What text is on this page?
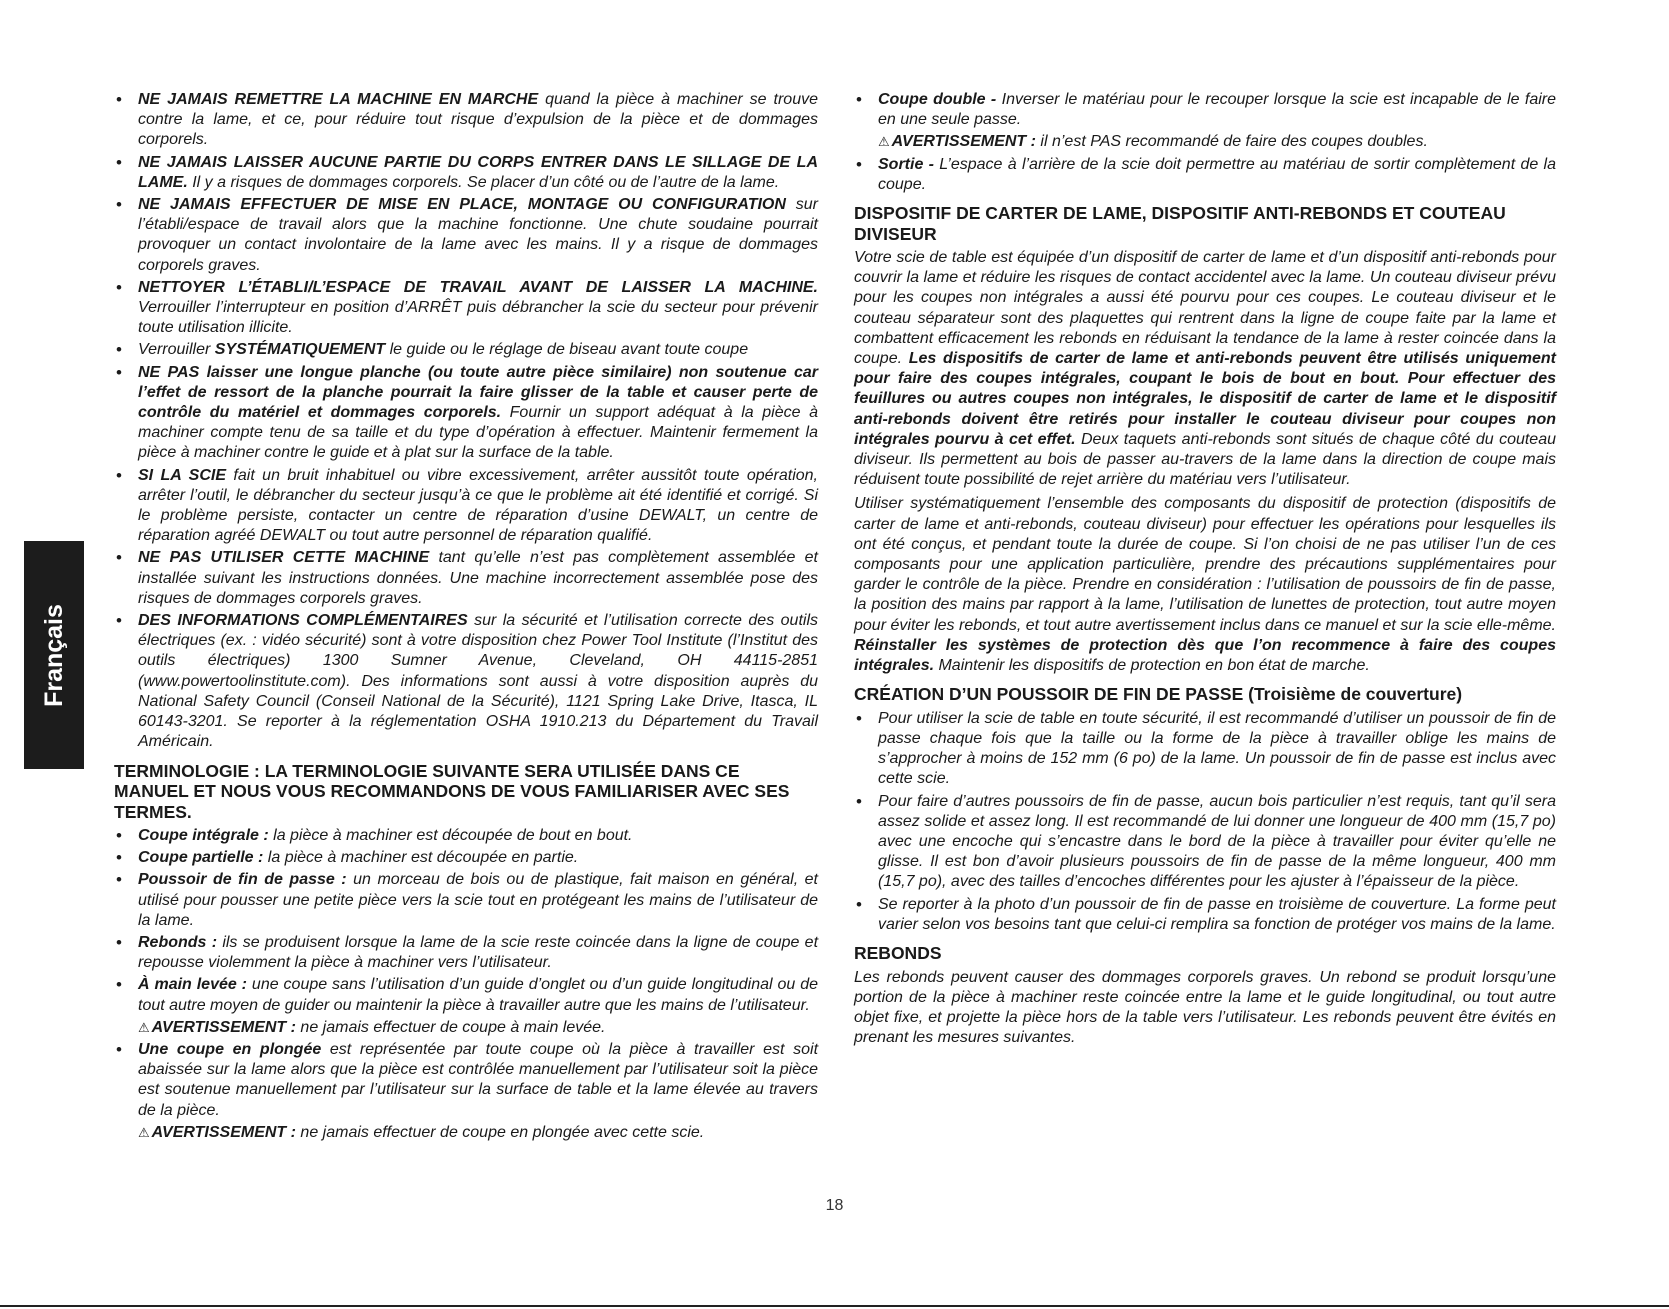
Français
• NE JAMAIS REMETTRE LA MACHINE EN MARCHE quand la pièce à machiner se trouve contre la lame, et ce, pour réduire tout risque d’expulsion de la pièce et de dommages corporels.
• NE JAMAIS LAISSER AUCUNE PARTIE DU CORPS ENTRER DANS LE SILLAGE DE LA LAME. Il y a risques de dommages corporels. Se placer d’un côté ou de l’autre de la lame.
• NE JAMAIS EFFECTUER DE MISE EN PLACE, MONTAGE OU CONFIGURATION sur l’établi/espace de travail alors que la machine fonctionne. Une chute soudaine pourrait provoquer un contact involontaire de la lame avec les mains. Il y a risque de dommages corporels graves.
• NETTOYER L’ÉTABLI/L’ESPACE DE TRAVAIL AVANT DE LAISSER LA MACHINE. Verrouiller l’interrupteur en position d’ARRÊT puis débrancher la scie du secteur pour prévenir toute utilisation illicite.
• Verrouiller SYSTÉMATIQUEMENT le guide ou le réglage de biseau avant toute coupe
• NE PAS laisser une longue planche (ou toute autre pièce similaire) non soutenue car l’effet de ressort de la planche pourrait la faire glisser de la table et causer perte de contrôle du matériel et dommages corporels. Fournir un support adéquat à la pièce à machiner compte tenu de sa taille et du type d’opération à effectuer. Maintenir fermement la pièce à machiner contre le guide et à plat sur la surface de la table.
• SI LA SCIE fait un bruit inhabituel ou vibre excessivement, arrêter aussitôt toute opération, arrêter l’outil, le débrancher du secteur jusqu’à ce que le problème ait été identifié et corrigé. Si le problème persiste, contacter un centre de réparation d’usine DEWALT, un centre de réparation agréé DEWALT ou tout autre personnel de réparation qualifié.
• NE PAS UTILISER CETTE MACHINE tant qu’elle n’est pas complètement assemblée et installée suivant les instructions données. Une machine incorrectement assemblée pose des risques de dommages corporels graves.
• DES INFORMATIONS COMPLÉMENTAIRES sur la sécurité et l’utilisation correcte des outils électriques (ex. : vidéo sécurité) sont à votre disposition chez Power Tool Institute (l’Institut des outils électriques) 1300 Sumner Avenue, Cleveland, OH 44115-2851 (www.powertoolinstitute.com). Des informations sont aussi à votre disposition auprès du National Safety Council (Conseil National de la Sécurité), 1121 Spring Lake Drive, Itasca, IL 60143-3201. Se reporter à la réglementation OSHA 1910.213 du Département du Travail Américain.
TERMINOLOGIE : LA TERMINOLOGIE SUIVANTE SERA UTILISÉE DANS CE MANUEL ET NOUS VOUS RECOMMANDONS DE VOUS FAMILIARISER AVEC SES TERMES.
• Coupe intégrale : la pièce à machiner est découpée de bout en bout.
• Coupe partielle : la pièce à machiner est découpée en partie.
• Poussoir de fin de passe : un morceau de bois ou de plastique, fait maison en général, et utilisé pour pousser une petite pièce vers la scie tout en protégeant les mains de l’utilisateur de la lame.
• Rebonds : ils se produisent lorsque la lame de la scie reste coincée dans la ligne de coupe et repousse violemment la pièce à machiner vers l’utilisateur.
• À main levée : une coupe sans l’utilisation d’un guide d’onglet ou d’un guide longitudinal ou de tout autre moyen de guider ou maintenir la pièce à travailler autre que les mains de l’utilisateur.

⚠ AVERTISSEMENT : ne jamais effectuer de coupe à main levée.

• Une coupe en plongée est représentée par toute coupe où la pièce à travailler est soit abaissée sur la lame alors que la pièce est contrôlée manuellement par l’utilisateur soit la pièce est soutenue manuellement par l’utilisateur sur la surface de table et la lame élevée au travers de la pièce.

⚠ AVERTISSEMENT : ne jamais effectuer de coupe en plongée avec cette scie.

• Coupe double - Inverser le matériau pour le recouper lorsque la scie est incapable de le faire en une seule passe.

⚠ AVERTISSEMENT : il n’est PAS recommandé de faire des coupes doubles.

• Sortie - L’espace à l’arrière de la scie doit permettre au matériau de sortir complètement de la coupe.
DISPOSITIF DE CARTER DE LAME, DISPOSITIF ANTI-REBONDS ET COUTEAU DIVISEUR

Votre scie de table est équipée d’un dispositif de carter de lame et d’un dispositif anti-rebonds pour couvrir la lame et réduire les risques de contact accidentel avec la lame. Un couteau diviseur prévu pour les coupes non intégrales a aussi été pourvu pour ces coupes. Le couteau diviseur et le couteau séparateur sont des plaquettes qui rentrent dans la ligne de coupe faite par la lame et combattent efficacement les rebonds en réduisant la tendance de la lame à rester coincée dans la coupe. Les dispositifs de carter de lame et anti-rebonds peuvent être utilisés uniquement pour faire des coupes intégrales, coupant le bois de bout en bout. Pour effectuer des feuillures ou autres coupes non intégrales, le dispositif de carter de lame et le dispositif anti-rebonds doivent être retirés pour installer le couteau diviseur pour coupes non intégrales pourvu à cet effet. Deux taquets anti-rebonds sont situés de chaque côté du couteau diviseur. Ils permettent au bois de passer au-travers de la lame dans la direction de coupe mais réduisent toute possibilité de rejet arrière du matériau vers l’utilisateur.

Utiliser systématiquement l’ensemble des composants du dispositif de protection (dispositifs de carter de lame et anti-rebonds, couteau diviseur) pour effectuer les opérations pour lesquelles ils ont été conçus, et pendant toute la durée de coupe. Si l’on choisi de ne pas utiliser l’un de ces composants pour une application particulière, prendre des précautions supplémentaires pour garder le contrôle de la pièce. Prendre en considération : l’utilisation de poussoirs de fin de passe, la position des mains par rapport à la lame, l’utilisation de lunettes de protection, tout autre moyen pour éviter les rebonds, et tout autre avertissement inclus dans ce manuel et sur la scie elle-même. Réinstaller les systèmes de protection dès que l’on recommence à faire des coupes intégrales. Maintenir les dispositifs de protection en bon état de marche.

CRÉATION D’UN POUSSOIR DE FIN DE PASSE (Troisième de couverture)
• Pour utiliser la scie de table en toute sécurité, il est recommandé d’utiliser un poussoir de fin de passe chaque fois que la taille ou la forme de la pièce à travailler oblige les mains de s’approcher à moins de 152 mm (6 po) de la lame. Un poussoir de fin de passe est inclus avec cette scie.
• Pour faire d’autres poussoirs de fin de passe, aucun bois particulier n’est requis, tant qu’il sera assez solide et assez long. Il est recommandé de lui donner une longueur de 400 mm (15,7 po) avec une encoche qui s’encastre dans le bord de la pièce à travailler pour éviter qu’elle ne glisse. Il est bon d’avoir plusieurs poussoirs de fin de passe de la même longueur, 400 mm (15,7 po), avec des tailles d’encoches différentes pour les ajuster à l’épaisseur de la pièce.
• Se reporter à la photo d’un poussoir de fin de passe en troisième de couverture. La forme peut varier selon vos besoins tant que celui-ci remplira sa fonction de protéger vos mains de la lame.
REBONDS

Les rebonds peuvent causer des dommages corporels graves. Un rebond se produit lorsqu’une portion de la pièce à machiner reste coincée entre la lame et le guide longitudinal, ou tout autre objet fixe, et projette la pièce hors de la table vers l’utilisateur. Les rebonds peuvent être évités en prenant les mesures suivantes.

18
